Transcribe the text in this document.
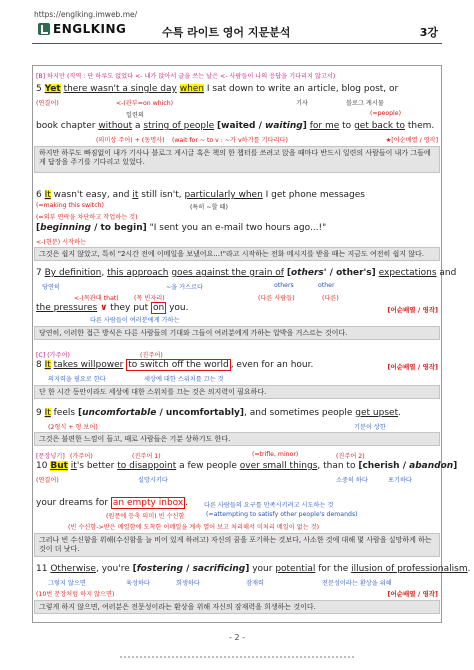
https://englking.imweb.me/
ENGLKING	수특 라이트 영어 지문분석	3강
[B] 하지만 (직역 : 단 하루도 없었다 <- 내가 앉아서 글을 쓰는 날은 <- 사람들이 나의 응답을 기다리지 않고서)
5 Yet there wasn't a single day when I sat down to write an article, blog post, or
(연결어)	<-(관부=on which)	기사	블로그 게시물
일련의	(=people)
book chapter without a string of people [waited / waiting] for me to get back to them.
(의미상 주어) + (동명사) (wait for ~ to v : ~가 v하기를 기다리다)	★[어순배열 / 영작]
하지만 하루도 빠짐없이 내가 기사나 블로그 게시글 혹은 책의 한 챕터를 쓰려고 앉을 때마다 반드시 일련의 사람들이 내가 그들에게 답장을 주기를 기다리고 있었다.
6 It wasn't easy, and it still isn't, particularly when I get phone messages
(=making this switch)	(특히 ~할 때)
(=외부 연락을 차단하고 작업하는 것)
[beginning / to begin] "I sent you an e-mail two hours ago...!"
<-(현분) 시작하는
그것은 쉽지 않았고, 특히 "2시간 전에 이메일을 보냈어요...!"라고 시작하는 전화 메시지를 받을 때는 지금도 여전히 쉽지 않다.
7 By definition, this approach goes against the grain of [others' / other's] expectations and
당연히	~을 거스르다	others	other
<-(목관대 that) (목 빈자리)	(다른 사람들)	(다른)
the pressures ∨ they put on you.	[어순배열 / 영작]
다른 사람들이 여러분에게 가하는
당연히, 이러한 접근 방식은 다른 사람들의 기대와 그들이 여러분에게 가하는 압박을 거스르는 것이다.
[C] (가주어)	(진주어)
8 It takes willpower to switch off the world , even for an hour.	[어순배열 / 영작]
의지력을 필요로 한다	세상에 대한 스위치를 끄는 것
단 한 시간 동안이라도 세상에 대한 스위치를 끄는 것은 의지력이 필요하다.
9 It feels [uncomfortable / uncomfortably], and sometimes people get upset.
(2형식 + 형 보어)	기분이 상한
그것은 불편한 느낌이 들고, 때로 사람들은 기분 상하기도 한다.
[문장넣기] (가주어)	(진주어 1)	(=trifle, minor)	(진주어 2)
10 But it's better to disappoint a few people over small things, than to [cherish / abandon]
(연결어)	실망시키다	소중히 하다	포기하다
your dreams for an empty inbox .	다른 사람들의 요구를 만족시키려고 시도하는 것
(원문에 등축 의미) 빈 수신함	(=attempting to satisfy other people's demands)
(빈 수신함->받은 메일함에 도착한 이메일을 계속 열어 보고 처리해서 미처리 메일이 없는 것)
그러나 빈 수신함을 위해(수신함을 늘 비어 있게 하려고) 자신의 꿈을 포기하는 것보다, 사소한 것에 대해 몇 사람을 실망하게 하는 것이 더 낫다.
11 Otherwise, you're [fostering / sacrificing] your potential for the illusion of professionalism.
그렇지 않으면	육성하다	희생하다	잠재력	전문성이라는 환상을 위해
(10번 문장처럼 하지 않으면)	[어순배열 / 영작]
그렇게 하지 않으면, 여러분은 전문성이라는 환상을 위해 자신의 잠재력을 희생하는 것이다.
- 2 -
